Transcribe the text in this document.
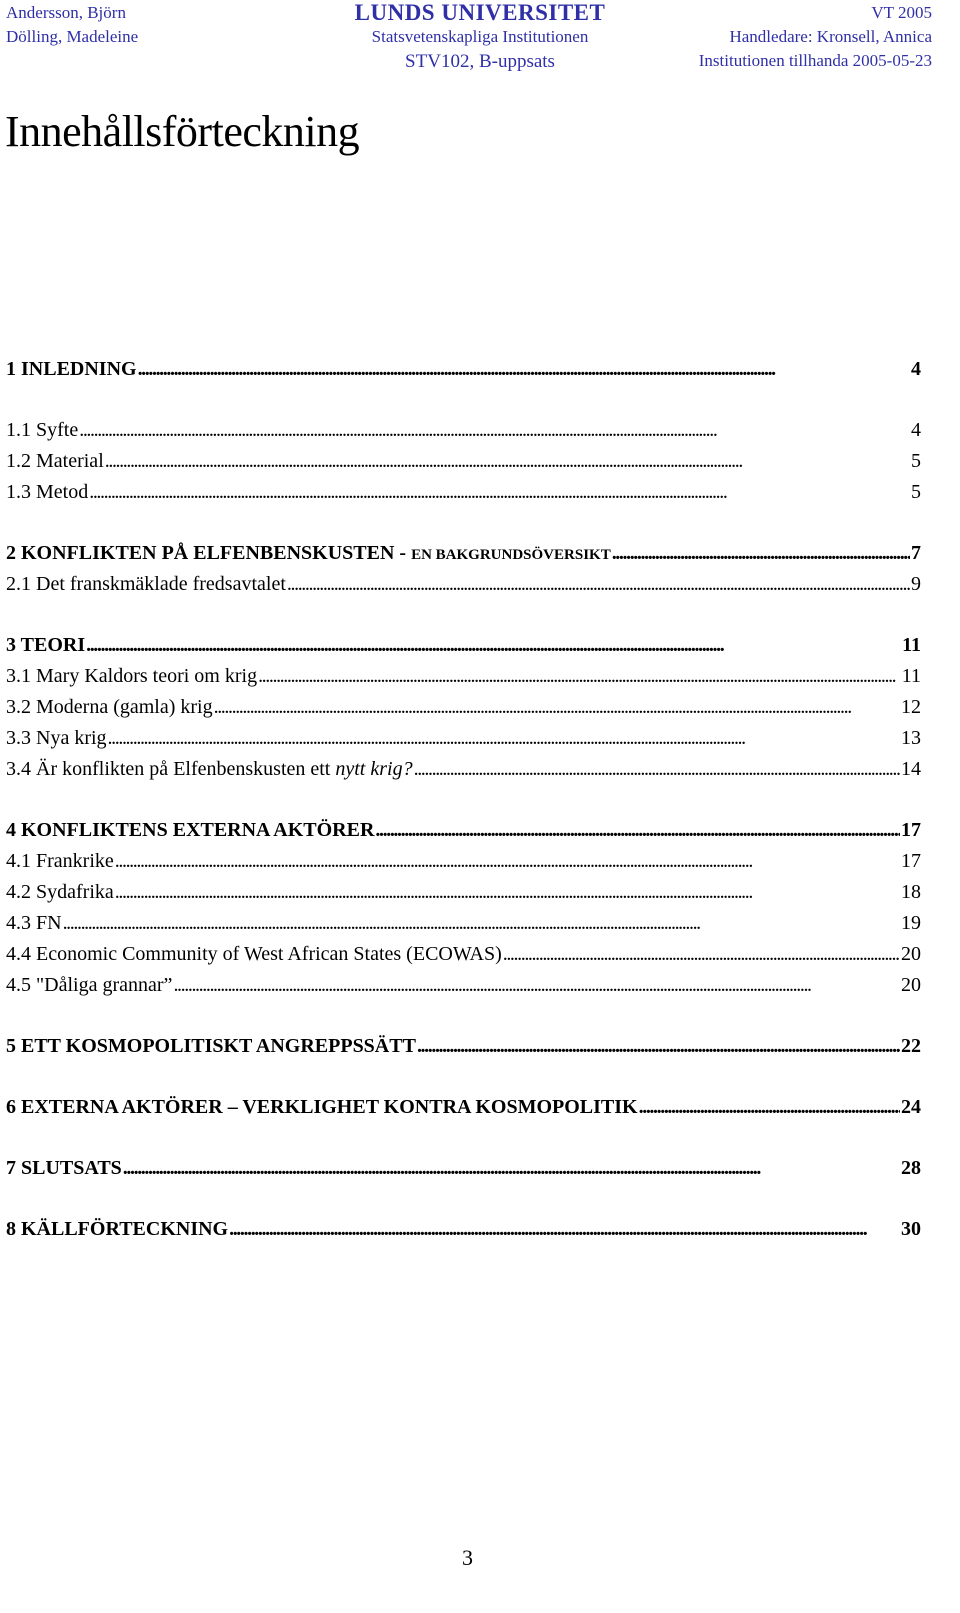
Andersson, Björn
Dölling, Madeleine
LUNDS UNIVERSITET
Statsvetenskapliga Institutionen
STV102, B-uppsats
VT 2005
Handledare: Kronsell, Annica
Institutionen tillhanda 2005-05-23
Innehållsförteckning
1 INLEDNING . . .	4
1.1 Syfte . . .	4
1.2 Material . . .	5
1.3 Metod . . .	5
2 KONFLIKTEN PÅ ELFENBENSKUSTEN - EN BAKGRUNDSÖVERSIKT . . .	7
2.1 Det franskmäklade fredsavtalet . . .	9
3 TEORI . . .	11
3.1 Mary Kaldors teori om krig . . .	11
3.2 Moderna (gamla) krig . . .	12
3.3 Nya krig . . .	13
3.4 Är konflikten på Elfenbenskusten ett nytt krig? . . .	14
4 KONFLIKTENS EXTERNA AKTÖRER . . .	17
4.1 Frankrike . . .	17
4.2 Sydafrika . . .	18
4.3 FN . . .	19
4.4 Economic Community of West African States (ECOWAS) . . .	20
4.5 "Dåliga grannar” . . .	20
5 ETT KOSMOPOLITISKT ANGREPPSSÄTT . . .	22
6 EXTERNA AKTÖRER – VERKLIGHET KONTRA KOSMOPOLITIK . . .	24
7 SLUTSATS . . .	28
8 KÄLLFÖRTECKNING . . .	30
3
